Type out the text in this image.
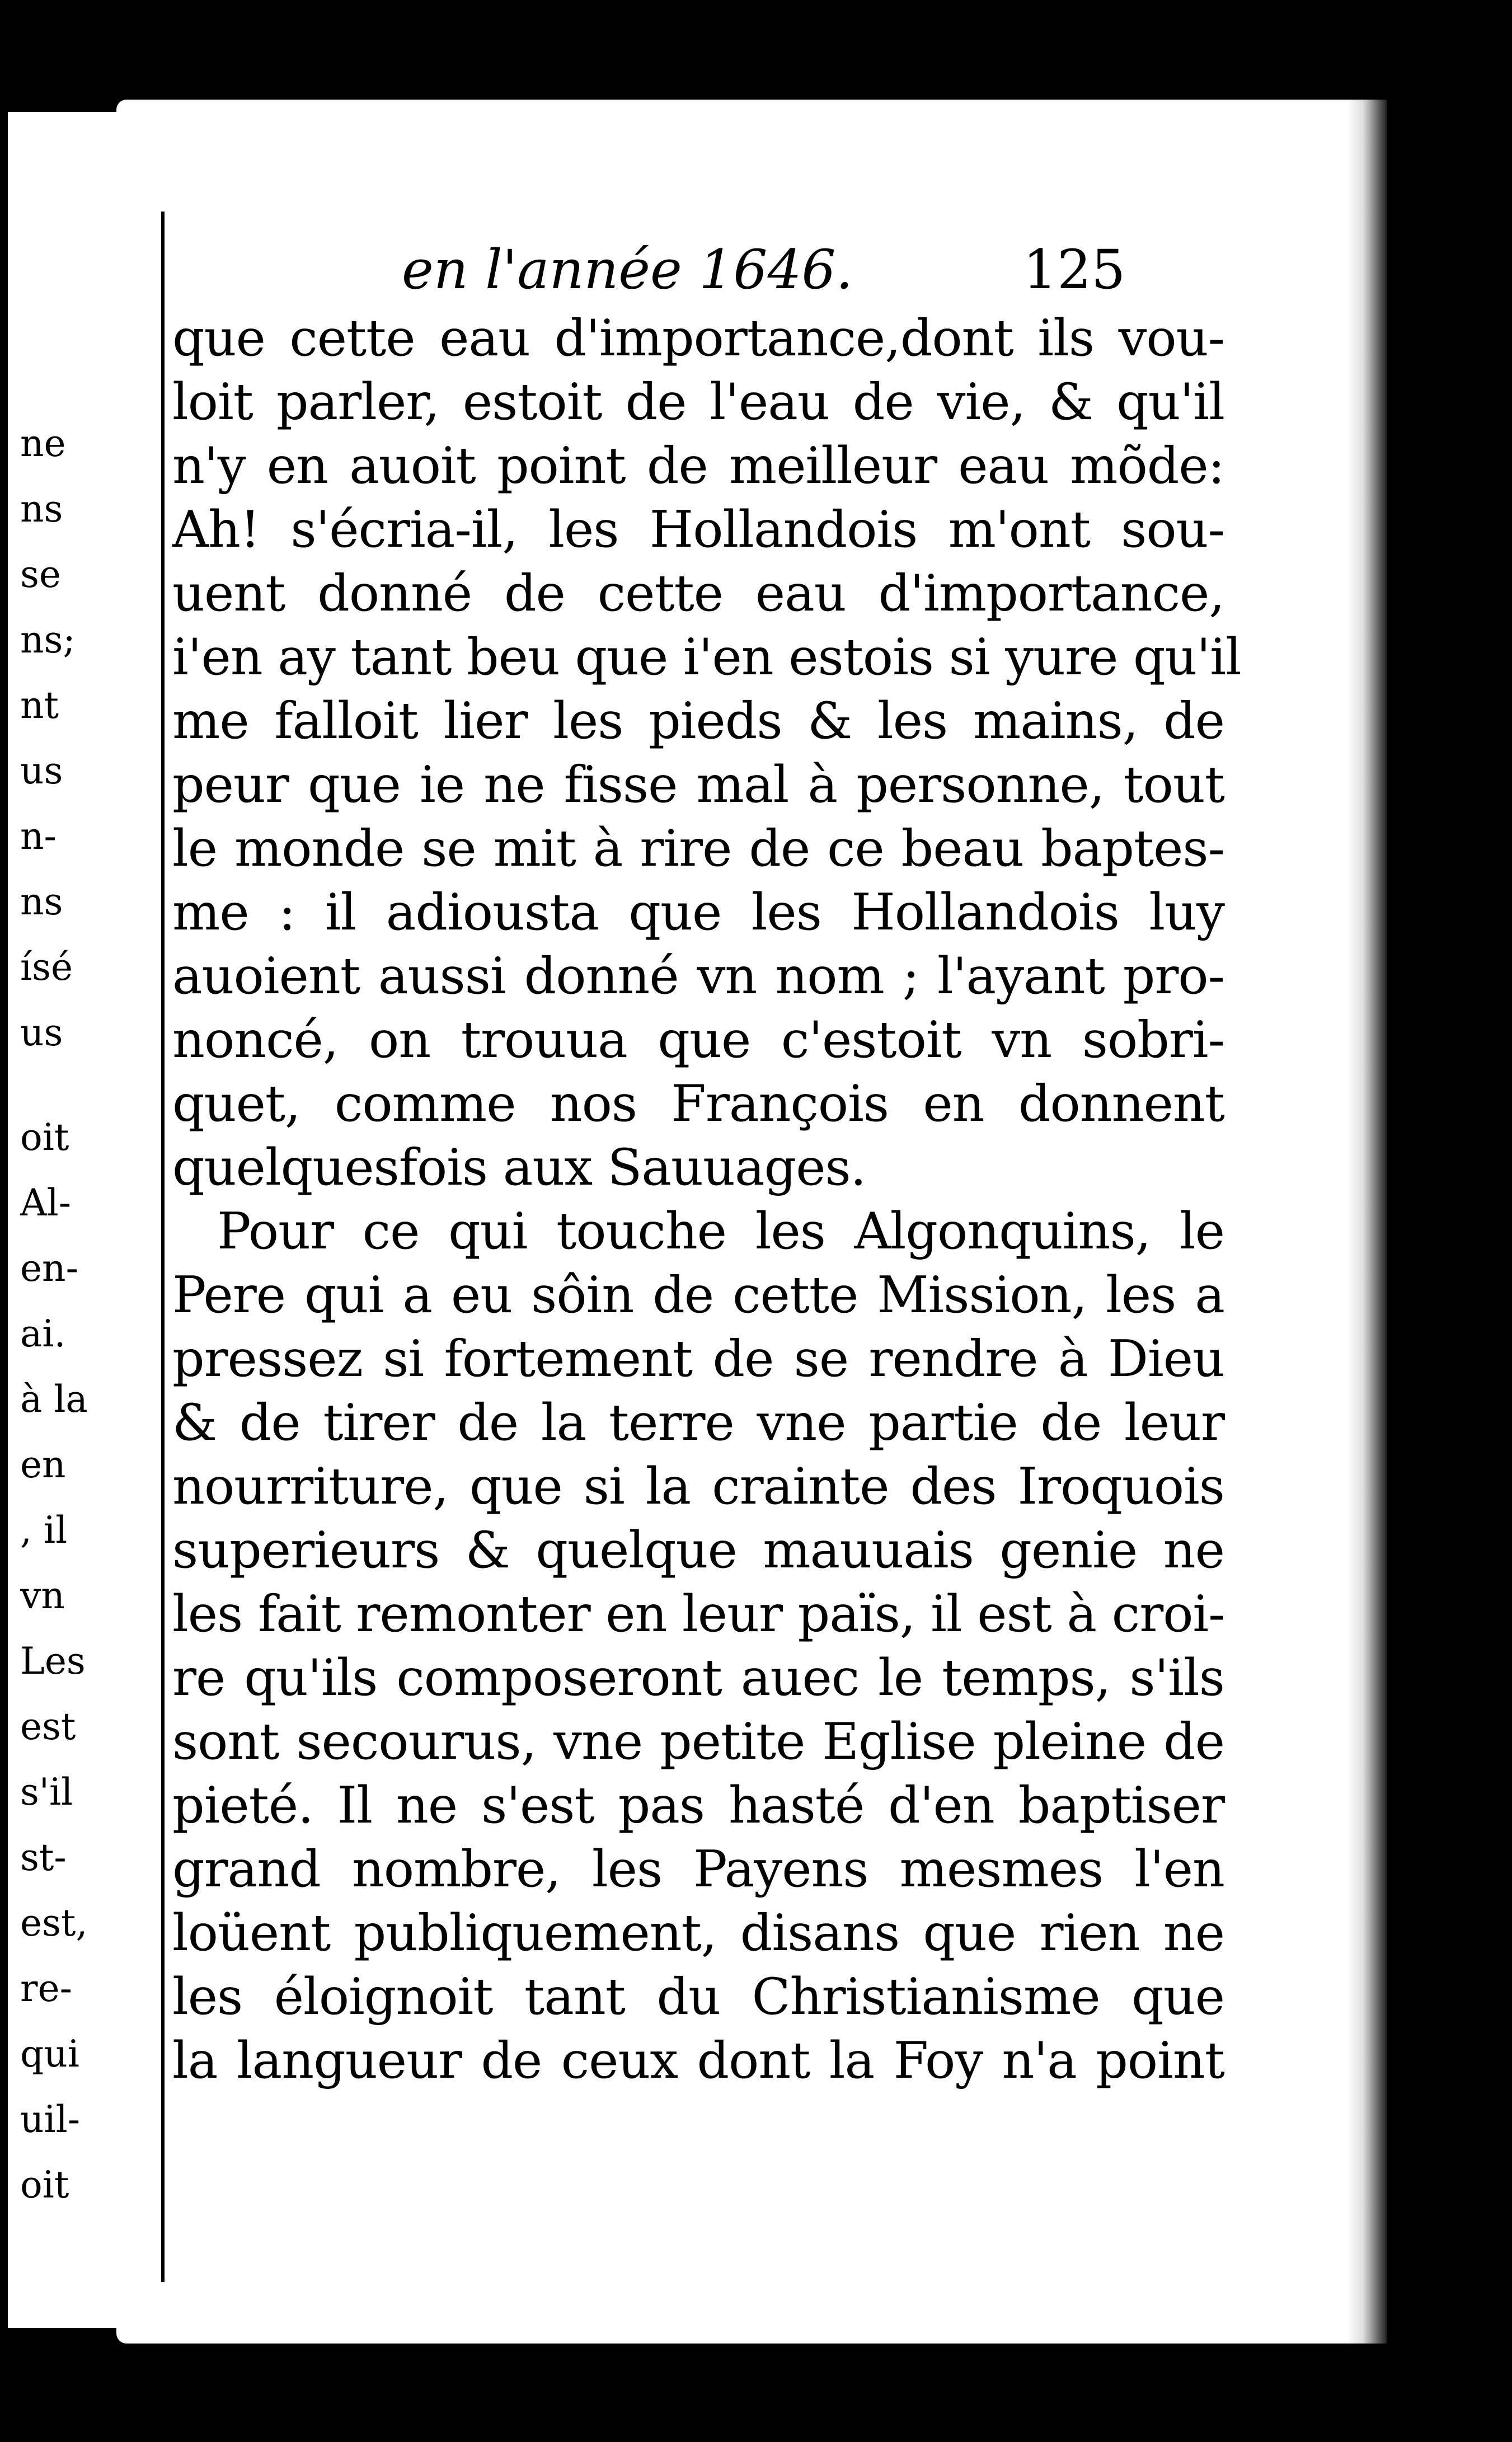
ne
ns
se
ns;
nt
us
n-
ns
ísé
us
oit
Al-
en-
ai.
à la
en
, il
vn
Les
est
s'il
st-
est,
re-
qui
uil-
oit
en l'année 1646.	125
que cette eau d'importance,dont ils vou-
loit parler, estoit de l'eau de vie, & qu'il
n'y en auoit point de meilleur eau mõde:
Ah! s'écria-il, les Hollandois m'ont sou-
uent donné de cette eau d'importance,
i'en ay tant beu que i'en estois si yure qu'il
me falloit lier les pieds & les mains, de
peur que ie ne fisse mal à personne, tout
le monde se mit à rire de ce beau baptes-
me : il adiousta que les Hollandois luy
auoient aussi donné vn nom ; l'ayant pro-
noncé, on trouua que c'estoit vn sobri-
quet, comme nos François en donnent
quelquesfois aux Sauuages.
Pour ce qui touche les Algonquins, le
Pere qui a eu sôin de cette Mission, les a
pressez si fortement de se rendre à Dieu
& de tirer de la terre vne partie de leur
nourriture, que si la crainte des Iroquois
superieurs & quelque mauuais genie ne
les fait remonter en leur païs, il est à croi-
re qu'ils composeront auec le temps, s'ils
sont secourus, vne petite Eglise pleine de
pieté. Il ne s'est pas hasté d'en baptiser
grand nombre, les Payens mesmes l'en
loüent publiquement, disans que rien ne
les éloignoit tant du Christianisme que
la langueur de ceux dont la Foy n'a point
